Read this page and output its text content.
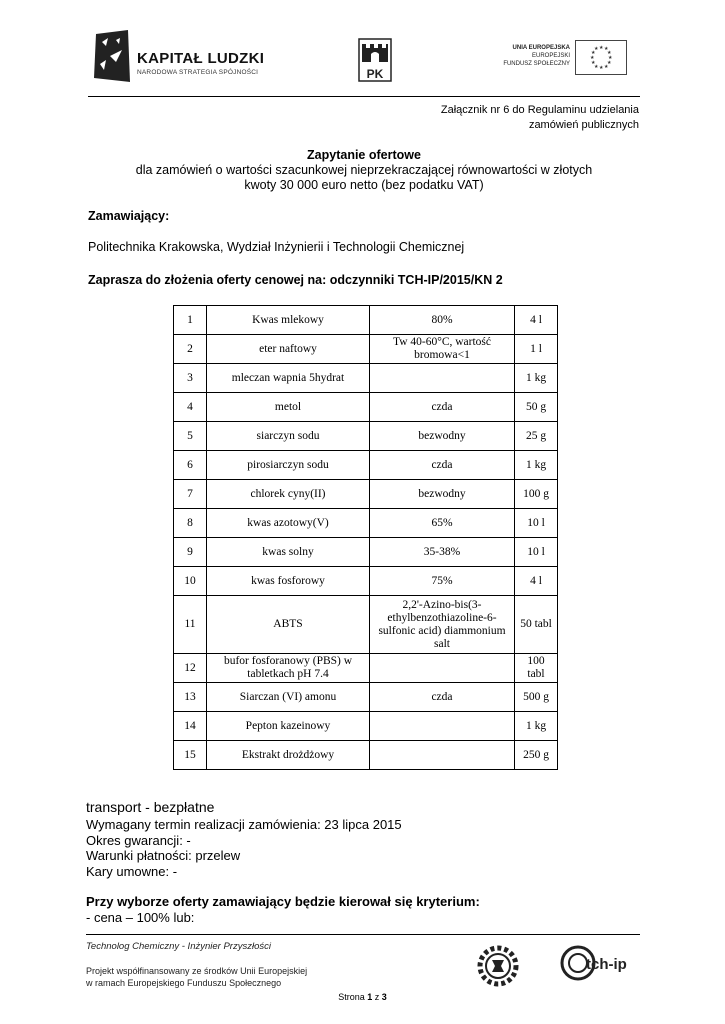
KAPITAŁ LUDZKI
NARODOWA STRATEGIA SPÓJNOŚCI	PK
UNIA EUROPEJSKA
EUROPEJSKI
FUNDUSZ SPOŁECZNY
★ ★
★
★
★
★
★
★
★
★
★
★
Załącznik nr 6 do Regulaminu udzielania
zamówień publicznych
Zapytanie ofertowe
dla zamówień o wartości szacunkowej nieprzekraczającej równowartości w złotych
kwoty 30 000 euro netto (bez podatku VAT)
Zamawiający:
Politechnika Krakowska, Wydział Inżynierii i Technologii Chemicznej
Zaprasza do złożenia oferty cenowej na: odczynniki TCH-IP/2015/KN 2
1	Kwas mlekowy	80%	4 l
2	eter naftowy	Tw 40-60°C, wartość bromowa<1	1 l
3	mleczan wapnia 5hydrat		1 kg
4	metol	czda	50 g
5	siarczyn sodu	bezwodny	25 g
6	pirosiarczyn sodu	czda	1 kg
7	chlorek cyny(II)	bezwodny	100 g
8	kwas azotowy(V)	65%	10 l
9	kwas solny	35-38%	10 l
10	kwas fosforowy	75%	4 l
11	ABTS	2,2'-Azino-bis(3-ethylbenzothiazoline-6-sulfonic acid) diammonium salt	50 tabl
12	bufor fosforanowy (PBS) w tabletkach pH 7.4		100 tabl
13	Siarczan (VI) amonu	czda	500 g
14	Pepton kazeinowy		1 kg
15	Ekstrakt drożdżowy		250 g
transport - bezpłatne
Wymagany termin realizacji zamówienia: 23 lipca 2015
Okres gwarancji: -
Warunki płatności: przelew
Kary umowne: -
Przy wyborze oferty zamawiający będzie kierował się kryterium:
- cena – 100% lub:
Technolog Chemiczny - Inżynier Przyszłości
Projekt współfinansowany ze środków Unii Europejskiej
w ramach Europejskiego Funduszu Społecznego
tch-ip
Strona 1 z 3
